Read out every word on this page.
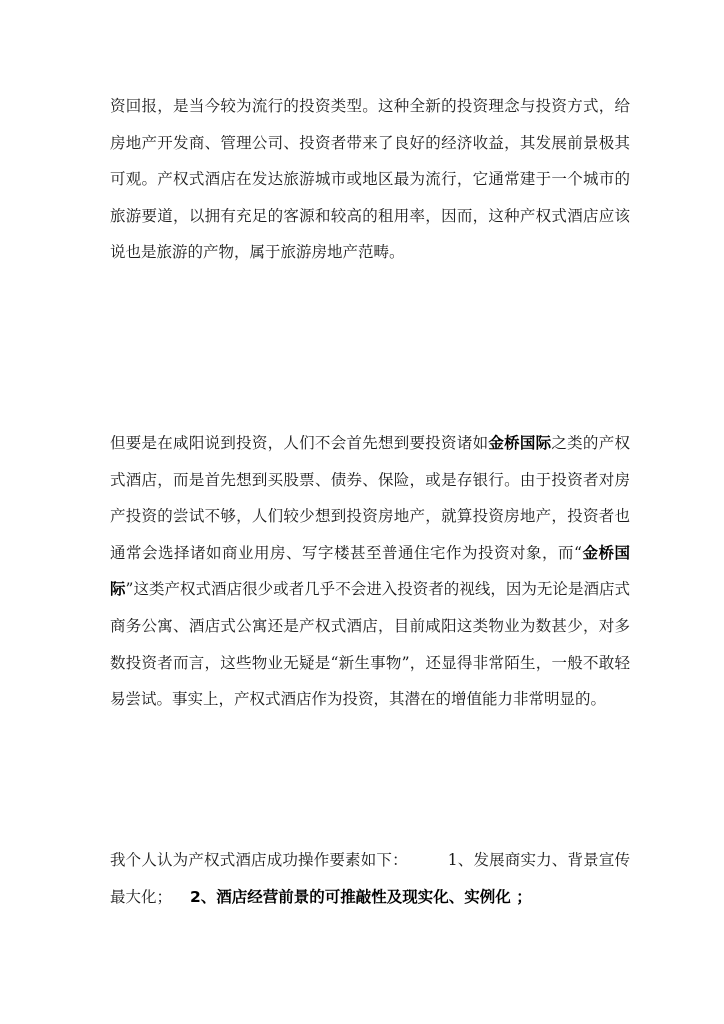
资回报，是当今较为流行的投资类型。这种全新的投资理念与投资方式，给房地产开发商、管理公司、投资者带来了良好的经济收益，其发展前景极其可观。产权式酒店在发达旅游城市或地区最为流行，它通常建于一个城市的旅游要道，以拥有充足的客源和较高的租用率，因而，这种产权式酒店应该说也是旅游的产物，属于旅游房地产范畴。

但要是在咸阳说到投资，人们不会首先想到要投资诸如金桥国际之类的产权式酒店，而是首先想到买股票、债券、保险，或是存银行。由于投资者对房产投资的尝试不够，人们较少想到投资房地产，就算投资房地产，投资者也通常会选择诸如商业用房、写字楼甚至普通住宅作为投资对象，而“金桥国际”这类产权式酒店很少或者几乎不会进入投资者的视线，因为无论是酒店式商务公寓、酒店式公寓还是产权式酒店，目前咸阳这类物业为数甚少，对多数投资者而言，这些物业无疑是“新生事物”，还显得非常陌生，一般不敢轻易尝试。事实上，产权式酒店作为投资，其潜在的增值能力非常明显的。

我个人认为产权式酒店成功操作要素如下：	1、发展商实力、背景宣传最大化； 2、酒店经营前景的可推敲性及现实化、实例化 ；
